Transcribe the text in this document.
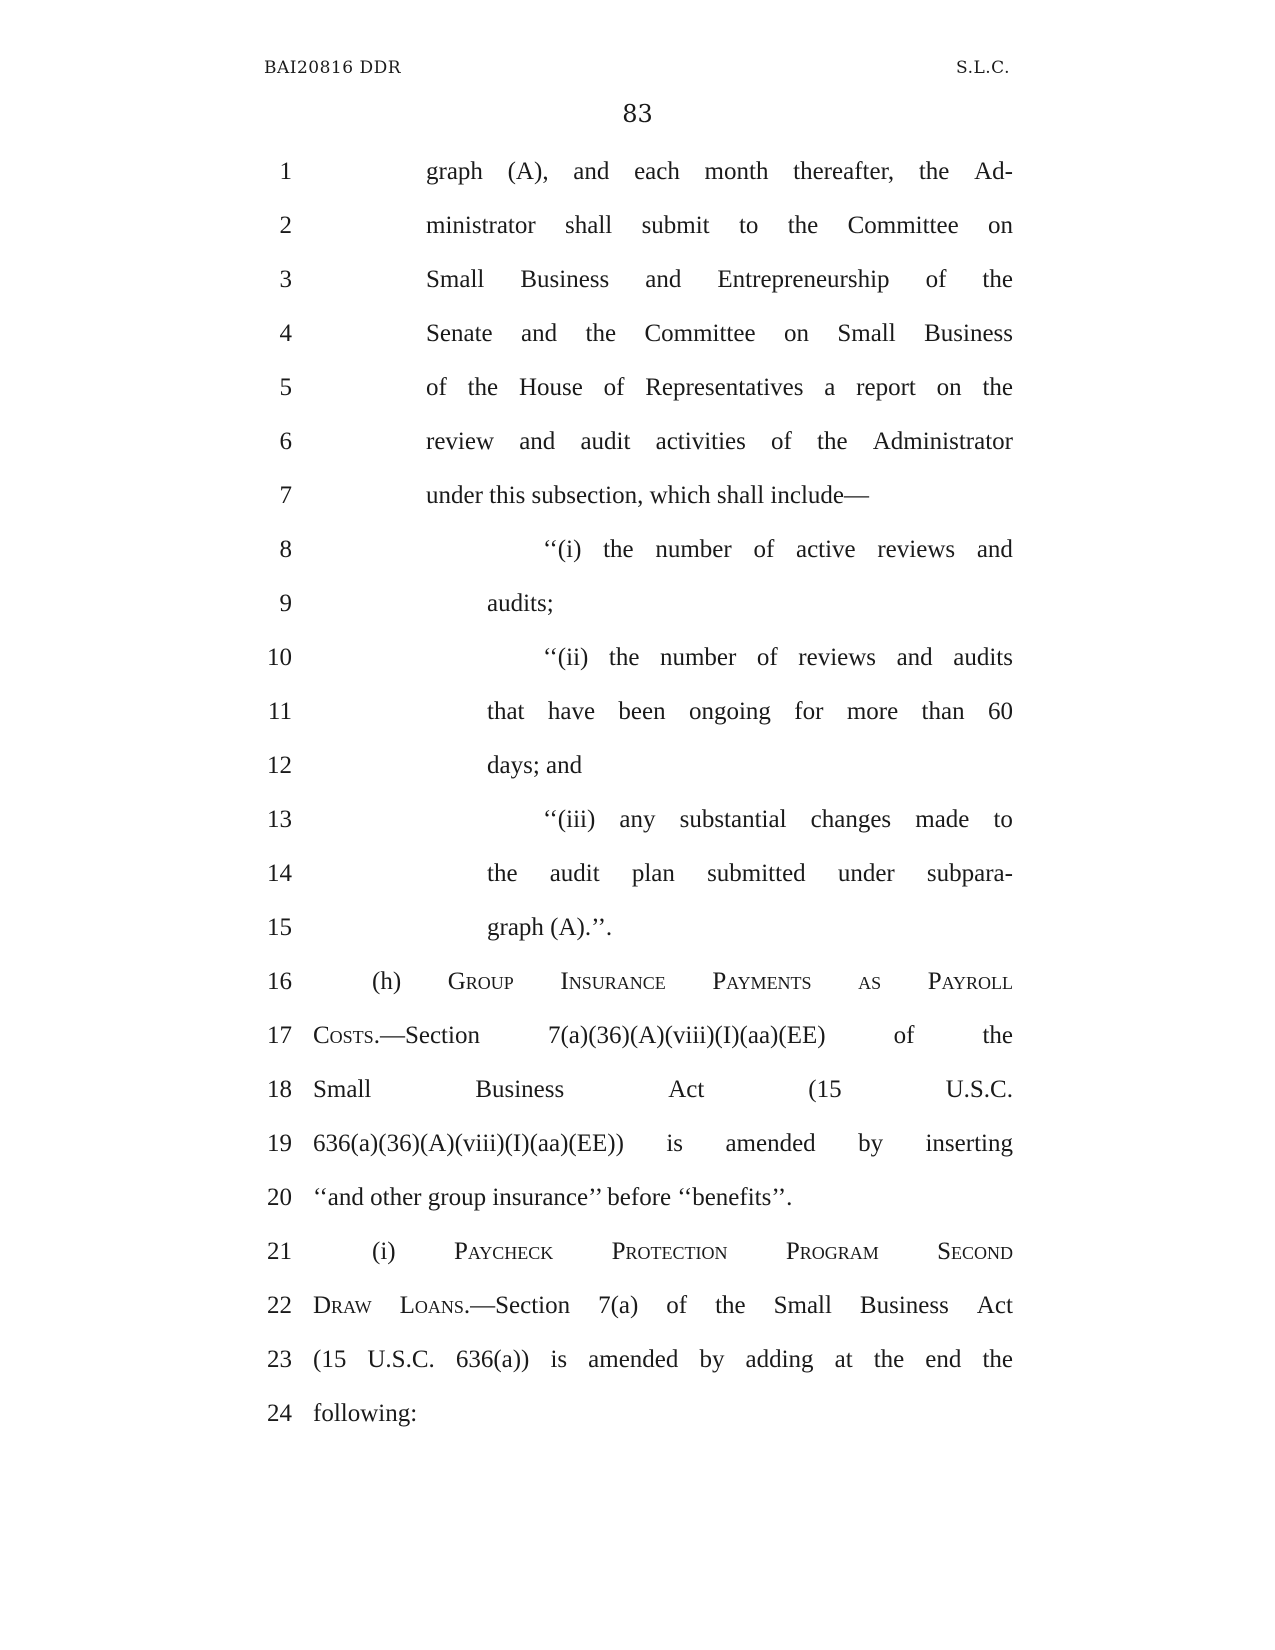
BAI20816 DDR	S.L.C.
83
1	graph (A), and each month thereafter, the Ad-
2	ministrator shall submit to the Committee on
3	Small Business and Entrepreneurship of the
4	Senate and the Committee on Small Business
5	of the House of Representatives a report on the
6	review and audit activities of the Administrator
7	under this subsection, which shall include—
8	‘‘(i) the number of active reviews and
9	audits;
10	‘‘(ii) the number of reviews and audits
11	that have been ongoing for more than 60
12	days; and
13	‘‘(iii) any substantial changes made to
14	the audit plan submitted under subpara-
15	graph (A).’’.
16	(h) Group Insurance Payments as Payroll
17 Costs.—Section	7(a)(36)(A)(viii)(I)(aa)(EE)	of	the
18 Small	Business	Act	(15	U.S.C.
19 636(a)(36)(A)(viii)(I)(aa)(EE)) is amended by inserting
20 ‘‘and other group insurance’’ before ‘‘benefits’’.
21	(i) Paycheck Protection Program Second
22 Draw Loans.—Section 7(a) of the Small Business Act
23 (15 U.S.C. 636(a)) is amended by adding at the end the
24 following:
